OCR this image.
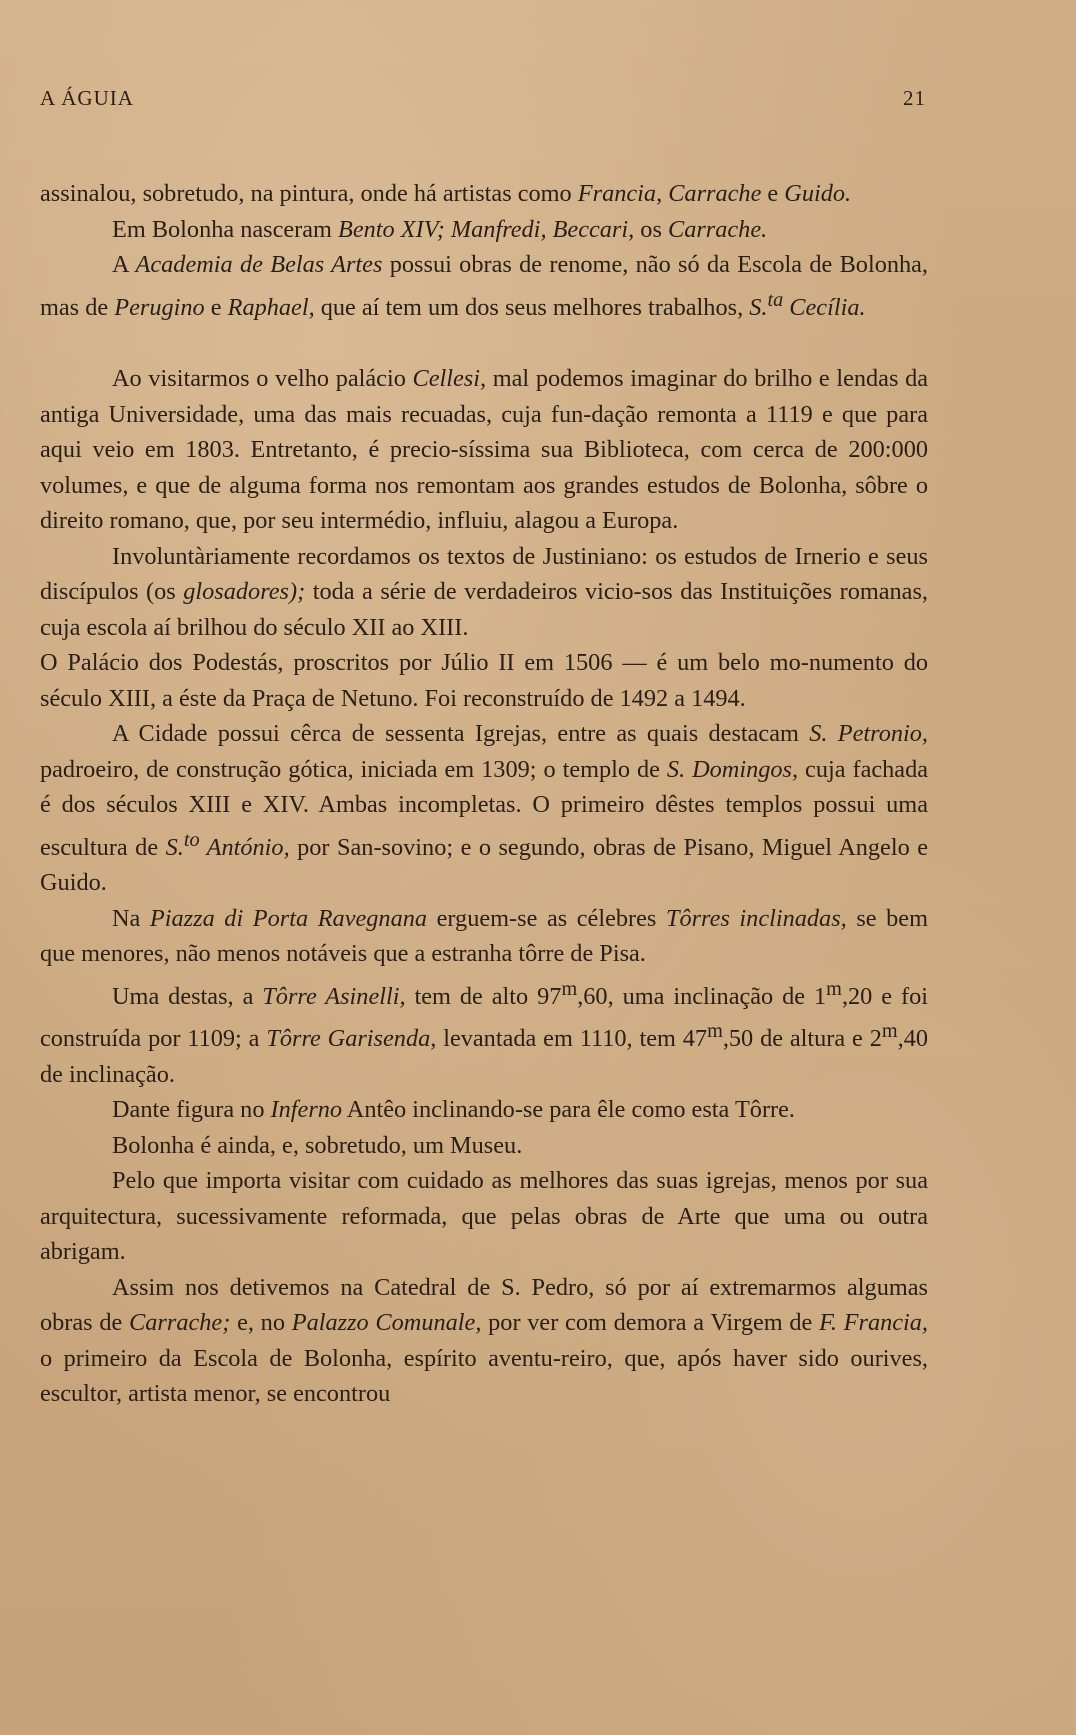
A ÁGUIA	21

assinalou, sobretudo, na pintura, onde há artistas como Francia, Carrache e Guido.

Em Bolonha nasceram Bento XIV; Manfredi, Beccari, os Carrache.

A Academia de Belas Artes possui obras de renome, não só da Escola de Bolonha, mas de Perugino e Raphael, que aí tem um dos seus melhores trabalhos, S.$^{ta}$ Cecília.

Ao visitarmos o velho palácio Cellesi, mal podemos imaginar do brilho e lendas da antiga Universidade, uma das mais recuadas, cuja fun-dação remonta a 1119 e que para aqui veio em 1803. Entretanto, é precio-síssima sua Biblioteca, com cerca de 200:000 volumes, e que de alguma forma nos remontam aos grandes estudos de Bolonha, sôbre o direito romano, que, por seu intermédio, influiu, alagou a Europa.

Involuntàriamente recordamos os textos de Justiniano: os estudos de Irnerio e seus discípulos (os glosadores); toda a série de verdadeiros vicio-sos das Instituições romanas, cuja escola aí brilhou do século XII ao XIII.

O Palácio dos Podestás, proscritos por Júlio II em 1506 — é um belo mo-numento do século XIII, a éste da Praça de Netuno. Foi reconstruído de 1492 a 1494.

A Cidade possui cêrca de sessenta Igrejas, entre as quais destacam S. Petronio, padroeiro, de construção gótica, iniciada em 1309; o templo de S. Domingos, cuja fachada é dos séculos XIII e XIV. Ambas incompletas. O primeiro dêstes templos possui uma escultura de S.$^{to}$ António, por San-sovino; e o segundo, obras de Pisano, Miguel Angelo e Guido.

Na Piazza di Porta Ravegnana erguem-se as célebres Tôrres inclinadas, se bem que menores, não menos notáveis que a estranha tôrre de Pisa.

Uma destas, a Tôrre Asinelli, tem de alto 97$^m$,60, uma inclinação de 1$^m$,20 e foi construída por 1109; a Tôrre Garisenda, levantada em 1110, tem 47$^m$,50 de altura e 2$^m$,40 de inclinação.

Dante figura no Inferno Antêo inclinando-se para êle como esta Tôrre.

Bolonha é ainda, e, sobretudo, um Museu.

Pelo que importa visitar com cuidado as melhores das suas igrejas, menos por sua arquitectura, sucessivamente reformada, que pelas obras de Arte que uma ou outra abrigam.

Assim nos detivemos na Catedral de S. Pedro, só por aí extremarmos algumas obras de Carrache; e, no Palazzo Comunale, por ver com demora a Virgem de F. Francia, o primeiro da Escola de Bolonha, espírito aventu-reiro, que, após haver sido ourives, escultor, artista menor, se encontrou
